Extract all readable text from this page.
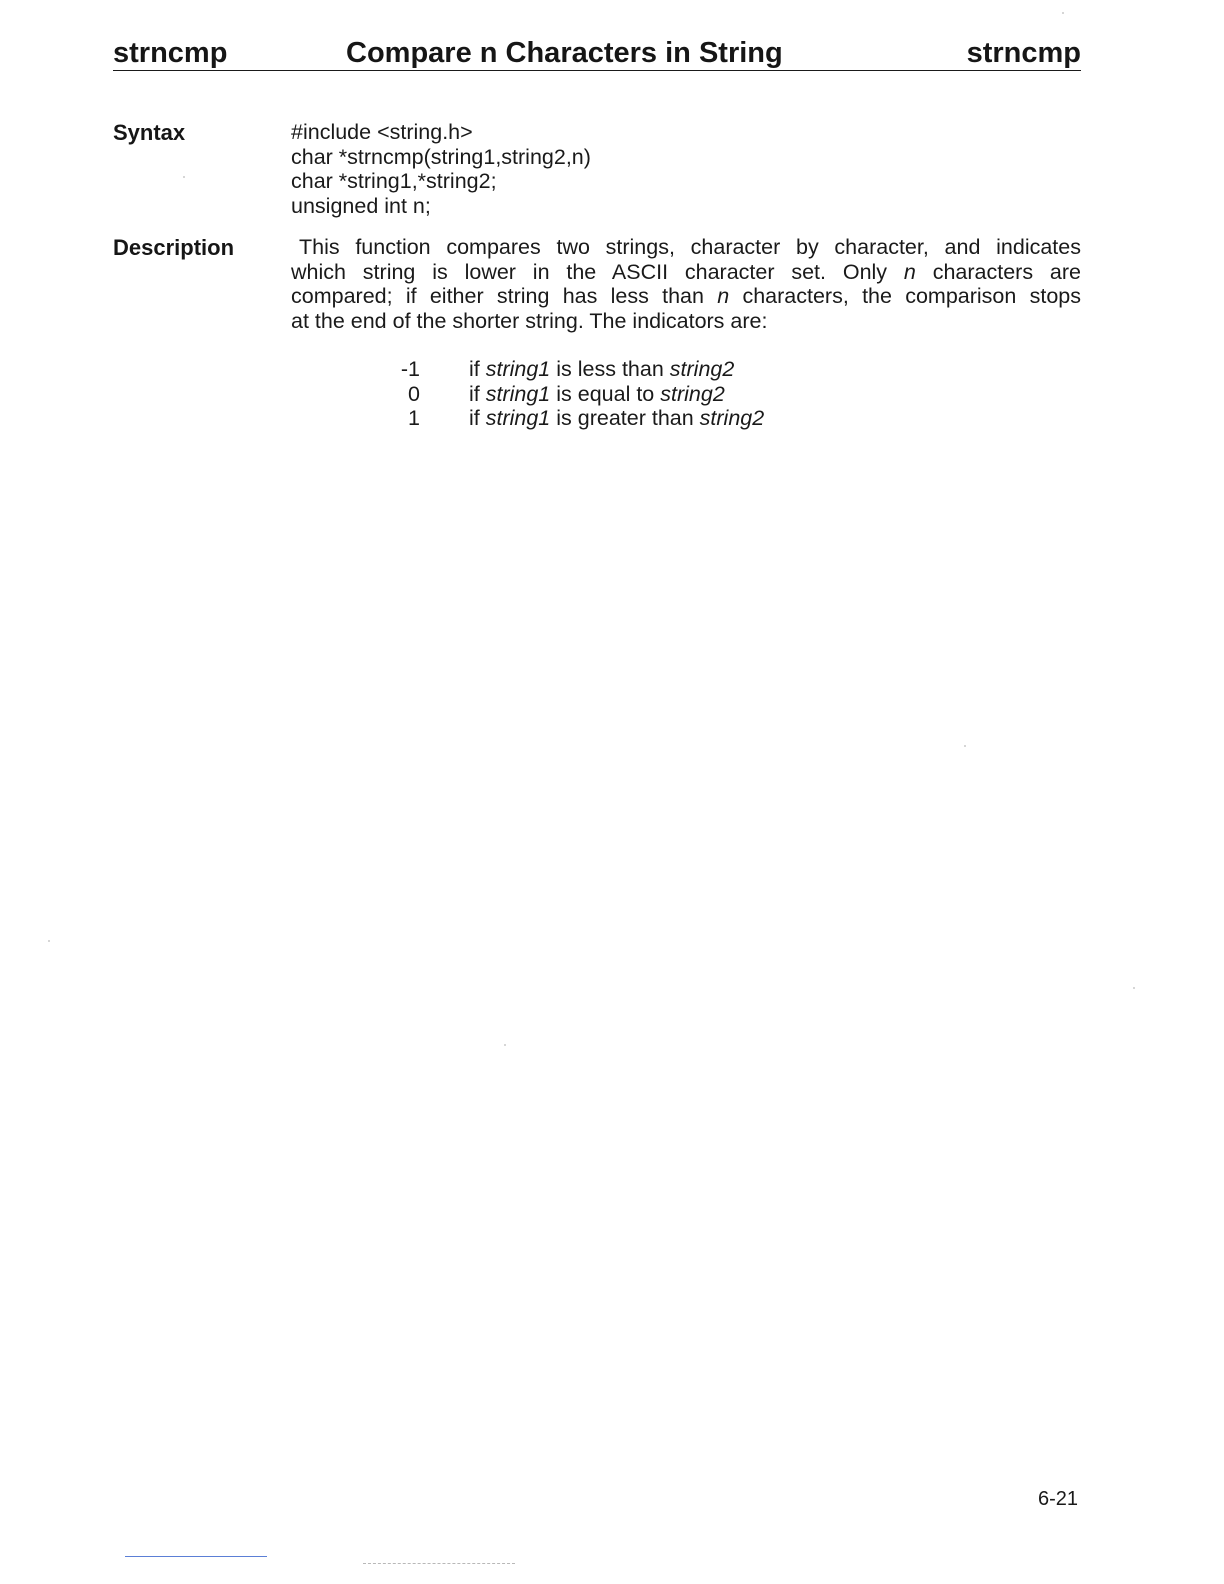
strncmp	Compare n Characters in String	strncmp
Syntax	#include <string.h>
char *strncmp(string1,string2,n)
char *string1,*string2;
unsigned int n;
Description	This function compares two strings, character by character, and indicates
which string is lower in the ASCII character set. Only n characters are
compared; if either string has less than n characters, the comparison stops
at the end of the shorter string. The indicators are:
-1 if string1 is less than string2
0 if string1 is equal to string2
1 if string1 is greater than string2
6-21
